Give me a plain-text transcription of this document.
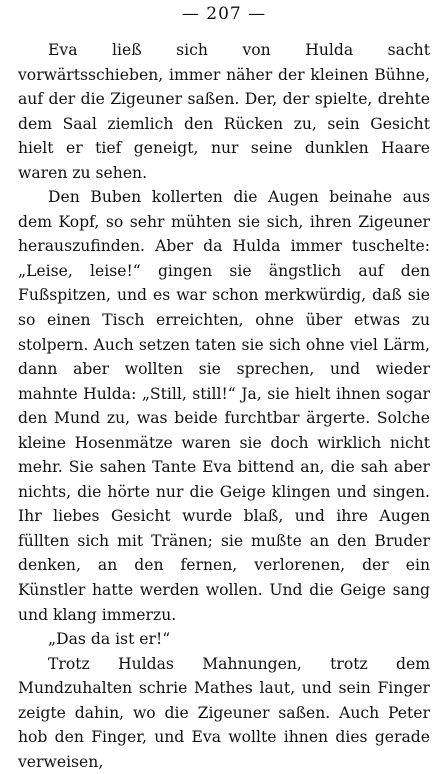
— 207 —

Eva ließ sich von Hulda sacht vorwärtsschieben, immer näher der kleinen Bühne, auf der die Zigeuner saßen. Der, der spielte, drehte dem Saal ziemlich den Rücken zu, sein Gesicht hielt er tief geneigt, nur seine dunklen Haare waren zu sehen.

Den Buben kollerten die Augen beinahe aus dem Kopf, so sehr mühten sie sich, ihren Zigeuner herauszufinden. Aber da Hulda immer tuschelte: „Leise, leise!“ gingen sie ängstlich auf den Fußspitzen, und es war schon merkwürdig, daß sie so einen Tisch erreichten, ohne über etwas zu stolpern. Auch setzen taten sie sich ohne viel Lärm, dann aber wollten sie sprechen, und wieder mahnte Hulda: „Still, still!“ Ja, sie hielt ihnen sogar den Mund zu, was beide furchtbar ärgerte. Solche kleine Hosenmätze waren sie doch wirklich nicht mehr. Sie sahen Tante Eva bittend an, die sah aber nichts, die hörte nur die Geige klingen und singen. Ihr liebes Gesicht wurde blaß, und ihre Augen füllten sich mit Tränen; sie mußte an den Bruder denken, an den fernen, verlorenen, der ein Künstler hatte werden wollen. Und die Geige sang und klang immerzu.

„Das da ist er!“

Trotz Huldas Mahnungen, trotz dem Mundzuhalten schrie Mathes laut, und sein Finger zeigte dahin, wo die Zigeuner saßen. Auch Peter hob den Finger, und Eva wollte ihnen dies gerade verweisen,
